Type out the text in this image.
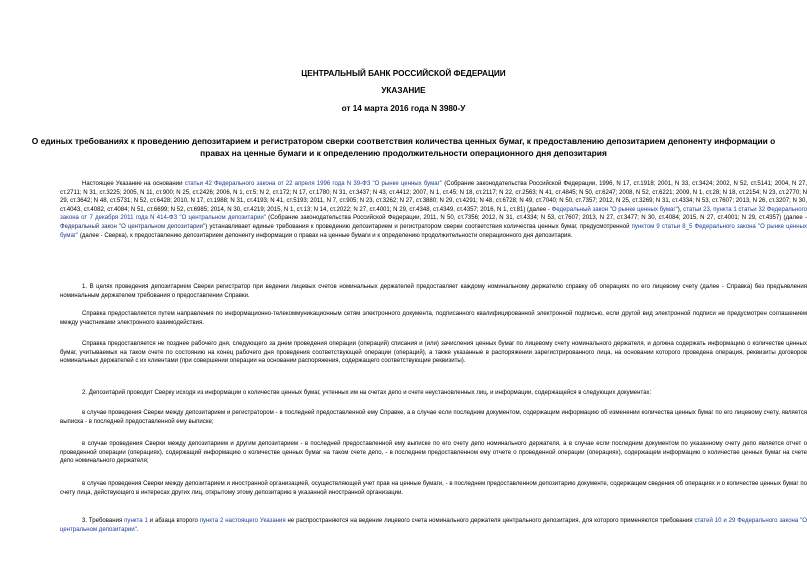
ЦЕНТРАЛЬНЫЙ БАНК РОССИЙСКОЙ ФЕДЕРАЦИИ
УКАЗАНИЕ
от 14 марта 2016 года N 3980-У
О единых требованиях к проведению депозитарием и регистратором сверки соответствия количества ценных бумаг, к предоставлению депозитарием депоненту информации о правах на ценные бумаги и к определению продолжительности операционного дня депозитария

Настоящее Указание на основании статьи 42 Федерального закона от 22 апреля 1996 года N 39-ФЗ "О рынке ценных бумаг" (Собрание законодательства Российской Федерации, 1996, N 17, ст.1918; 2001, N 33, ст.3424; 2002, N 52, ст.5141; 2004, N 27, ст.2711; N 31, ст.3225; 2005, N 11, ст.900; N 25, ст.2426; 2006, N 1, ст.5; N 2, ст.172; N 17, ст.1780; N 31, ст.3437; N 43, ст.4412; 2007, N 1, ст.45; N 18, ст.2117; N 22, ст.2563; N 41, ст.4845; N 50, ст.6247; 2008, N 52, ст.6221; 2009, N 1, ст.28; N 18, ст.2154; N 23, ст.2770; N 29, ст.3642; N 48, ст.5731; N 52, ст.6428; 2010, N 17, ст.1988; N 31, ст.4193; N 41, ст.5193; 2011, N 7, ст.905; N 23, ст.3262; N 27, ст.3880; N 29, ст.4291; N 48, ст.6728; N 49, ст.7040; N 50, ст.7357; 2012, N 25, ст.3269; N 31, ст.4334; N 53, ст.7607; 2013, N 26, ст.3207; N 30, ст.4043, ст.4082, ст.4084; N 51, ст.6699; N 52, ст.6985; 2014, N 30, ст.4219; 2015, N 1, ст.13; N 14, ст.2022; N 27, ст.4001; N 29, ст.4348, ст.4349, ст.4357; 2016, N 1, ст.81) (далее - Федеральный закон "О рынке ценных бумаг"), статьи 23, пункта 1 статьи 32 Федерального закона от 7 декабря 2011 года N 414-ФЗ "О центральном депозитарии" (Собрание законодательства Российской Федерации, 2011, N 50, ст.7356; 2012, N 31, ст.4334; N 53, ст.7607; 2013, N 27, ст.3477; N 30, ст.4084; 2015, N 27, ст.4001; N 29, ст.4357) (далее - Федеральный закон "О центральном депозитарии") устанавливает единые требования к проведению депозитарием и регистратором сверки соответствия количества ценных бумаг, предусмотренной пунктом 9 статьи 8_5 Федерального закона "О рынке ценных бумаг" (далее - Сверка), к предоставлению депозитарием депоненту информации о правах на ценные бумаги и к определению продолжительности операционного дня депозитария.

1. В целях проведения депозитарием Сверки регистратор при ведении лицевых счетов номинальных держателей предоставляет каждому номинальному держателю справку об операциях по его лицевому счету (далее - Справка) без предъявления номинальным держателем требования о предоставлении Справки.

Справка предоставляется путем направления по информационно-телекоммуникационным сетям электронного документа, подписанного квалифицированной электронной подписью, если другой вид электронной подписи не предусмотрен соглашением между участниками электронного взаимодействия.

Справка предоставляется не позднее рабочего дня, следующего за днем проведения операции (операций) списания и (или) зачисления ценных бумаг по лицевому счету номинального держателя, и должна содержать информацию о количестве ценных бумаг, учитываемых на таком счете по состоянию на конец рабочего дня проведения соответствующей операции (операций), а также указанные в распоряжении зарегистрированного лица, на основании которого проведена операция, реквизиты договоров номинальных держателей с их клиентами (при совершении операции на основании распоряжения, содержащего соответствующие реквизиты).

2. Депозитарий проводит Сверку исходя из информации о количестве ценных бумаг, учтенных им на счетах депо и счете неустановленных лиц, и информации, содержащейся в следующих документах:

в случае проведения Сверки между депозитарием и регистратором - в последней предоставленной ему Справке, а в случае если последним документом, содержащим информацию об изменении количества ценных бумаг по его лицевому счету, является выписка - в последней предоставленной ему выписке;

в случае проведения Сверки между депозитарием и другим депозитарием - в последней предоставленной ему выписке по его счету депо номинального держателя, а в случае если последним документом по указанному счету депо является отчет о проведенной операции (операциях), содержащий информацию о количестве ценных бумаг на таком счете депо, - в последнем предоставленном ему отчете о проведенной операции (операциях), содержащем информацию о количестве ценных бумаг на счете депо номинального держателя;

в случае проведения Сверки между депозитарием и иностранной организацией, осуществляющей учет прав на ценные бумаги, - в последнем предоставленном депозитарию документе, содержащем сведения об операциях и о количестве ценных бумаг по счету лица, действующего в интересах других лиц, открытому этому депозитарию в указанной иностранной организации.

3. Требования пункта 1 и абзаца второго пункта 2 настоящего Указания не распространяются на ведение лицевого счета номинального держателя центрального депозитария, для которого применяются требования статей 10 и 29 Федерального закона "О центральном депозитарии".
